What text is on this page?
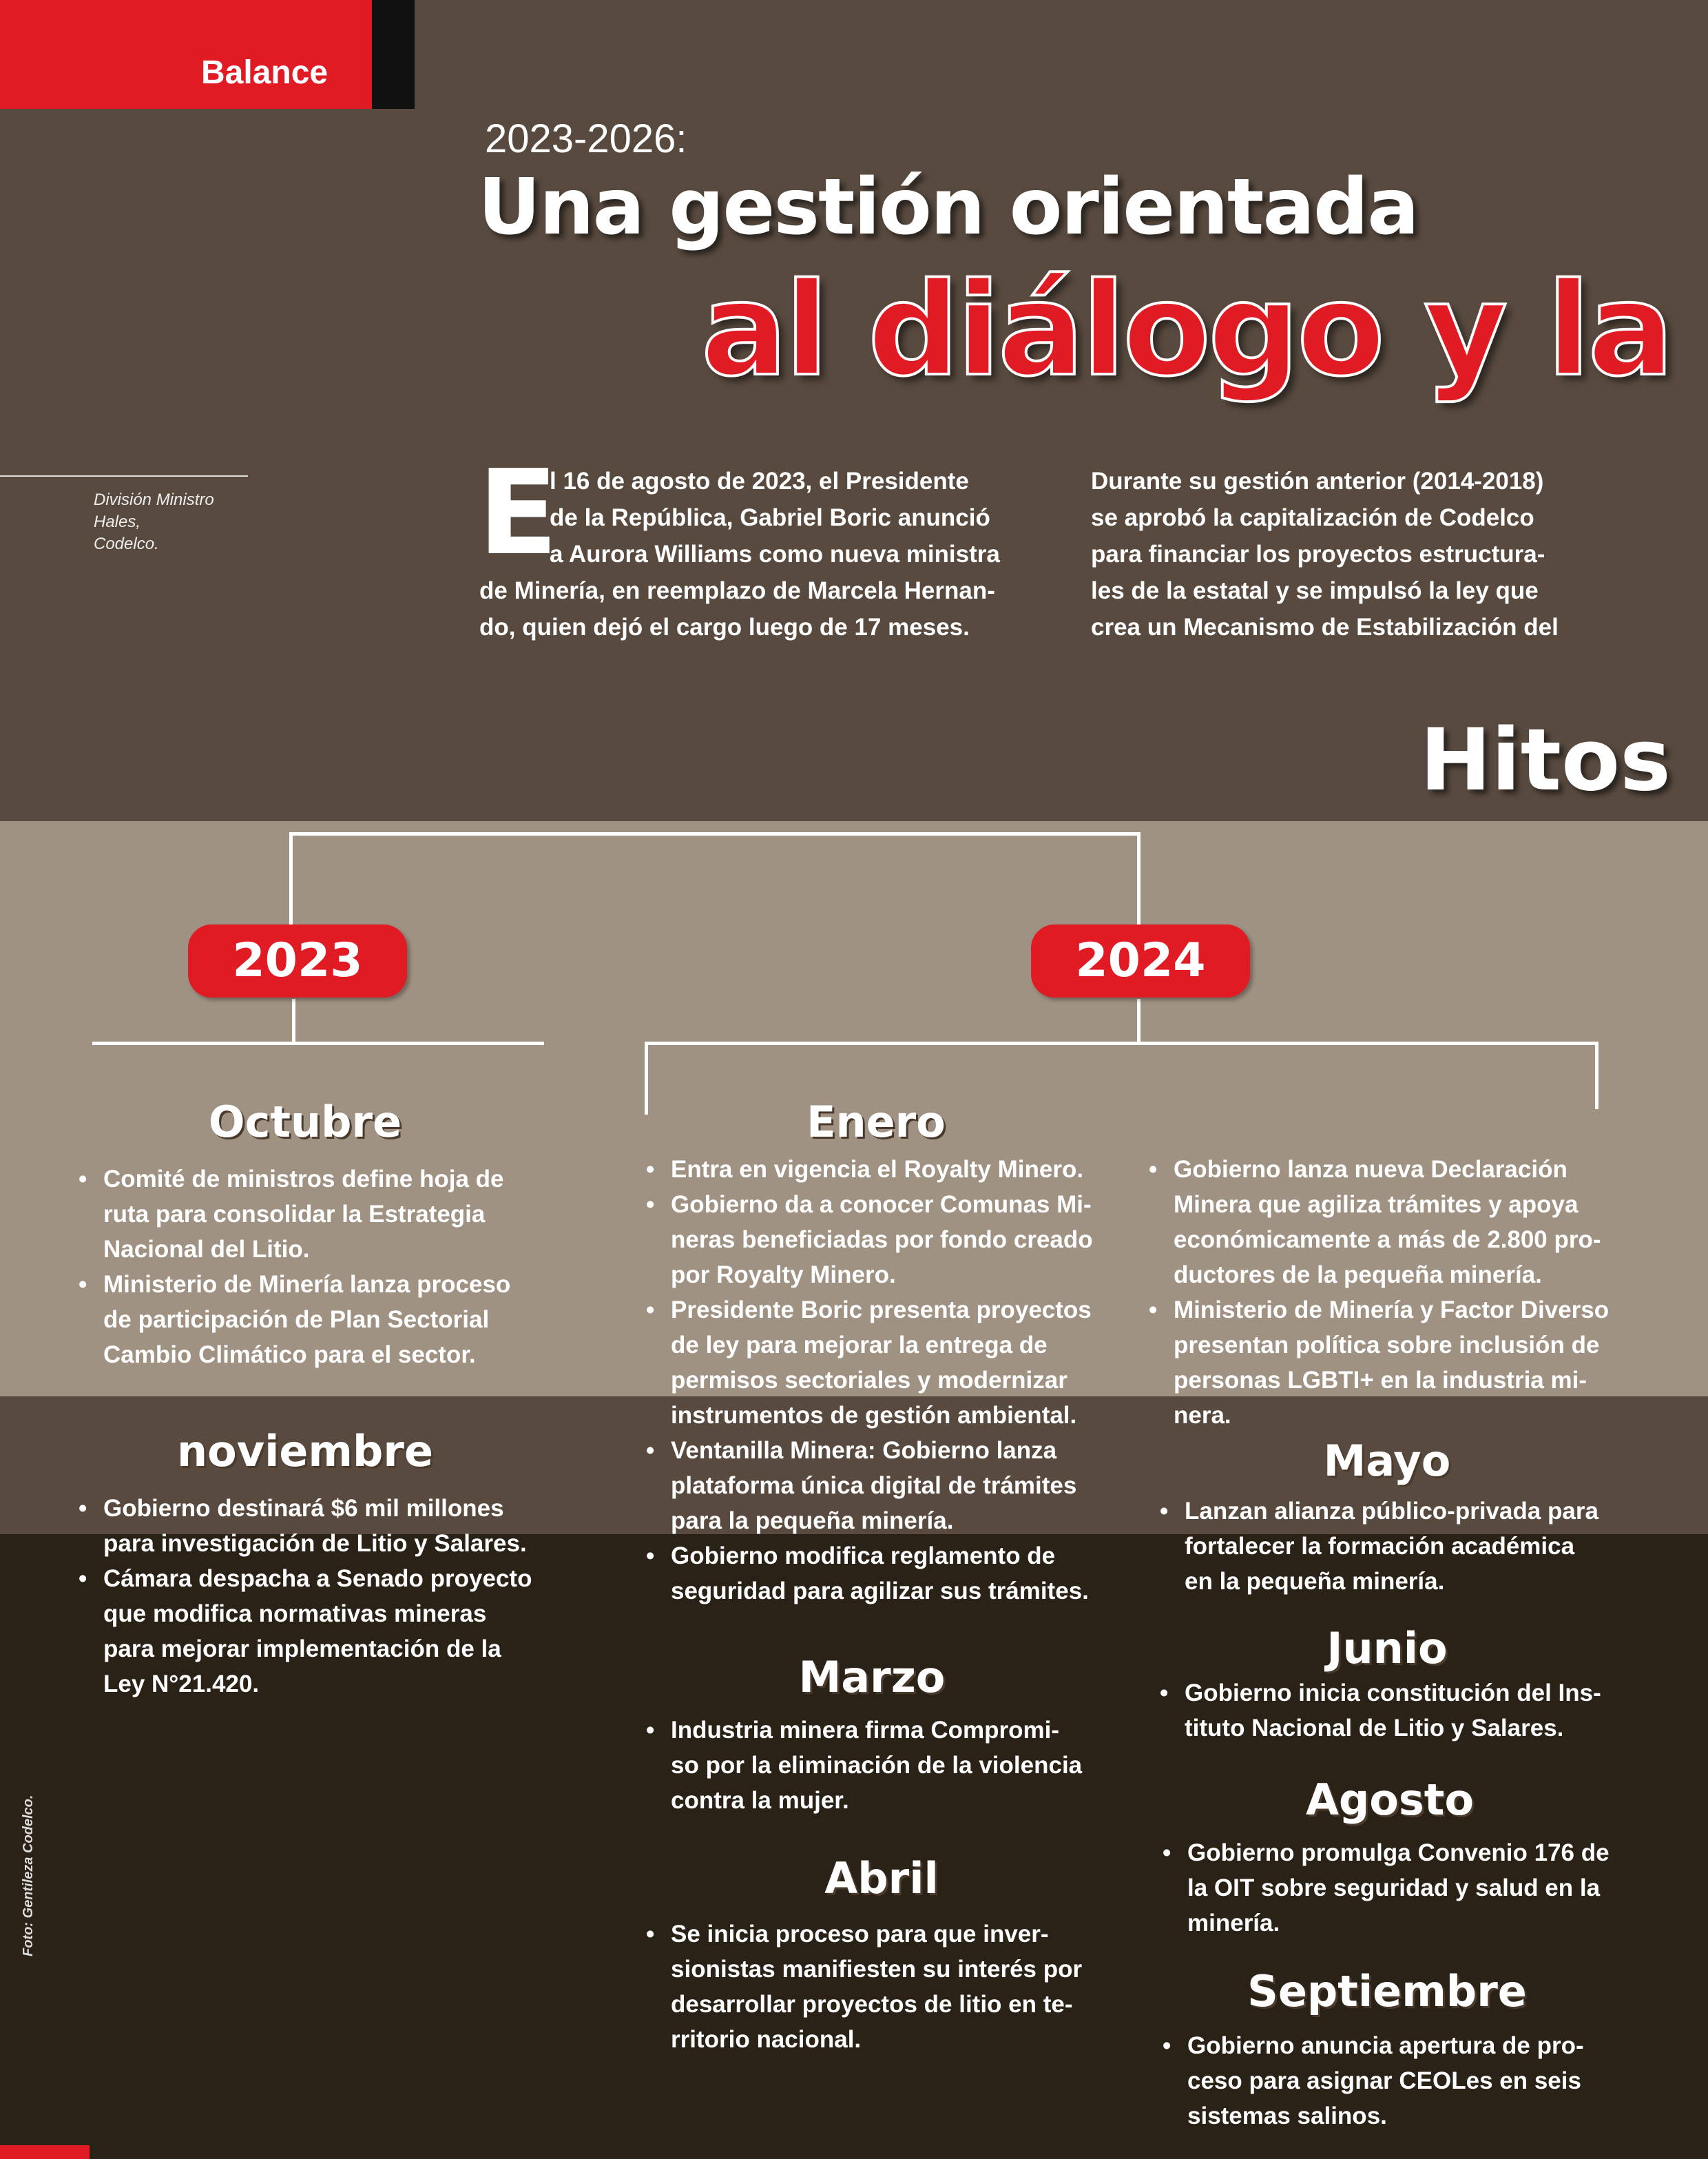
Balance
2023-2026:
Una gestión orientada
al diálogo y la
División Ministro Hales,
Codelco.	E
l 16 de agosto de 2023, el Presidente
de la República, Gabriel Boric anunció
a Aurora Williams como nueva ministra
de Minería, en reemplazo de Marcela Hernan-
do, quien dejó el cargo luego de 17 meses.
Durante su gestión anterior (2014-2018)
se aprobó la capitalización de Codelco
para financiar los proyectos estructura-
les de la estatal y se impulsó la ley que
crea un Mecanismo de Estabilización del
Hitos
2023	2024
Octubre
• Comité de ministros define hoja de
ruta para consolidar la Estrategia
Nacional del Litio.
• Ministerio de Minería lanza proceso
de participación de Plan Sectorial
Cambio Climático para el sector.
noviembre
• Gobierno destinará $6 mil millones
para investigación de Litio y Salares.
• Cámara despacha a Senado proyecto
que modifica normativas mineras
para mejorar implementación de la
Ley N°21.420.
Enero
• Entra en vigencia el Royalty Minero.
• Gobierno da a conocer Comunas Mi-
neras beneficiadas por fondo creado
por Royalty Minero.
• Presidente Boric presenta proyectos
de ley para mejorar la entrega de
permisos sectoriales y modernizar
instrumentos de gestión ambiental.
• Ventanilla Minera: Gobierno lanza
plataforma única digital de trámites
para la pequeña minería.
• Gobierno modifica reglamento de
seguridad para agilizar sus trámites.
• Gobierno lanza nueva Declaración
Minera que agiliza trámites y apoya
económicamente a más de 2.800 pro-
ductores de la pequeña minería.
• Ministerio de Minería y Factor Diverso
presentan política sobre inclusión de
personas LGBTI+ en la industria mi-
nera.
Marzo
• Industria minera firma Compromi-
so por la eliminación de la violencia
contra la mujer.
Abril
• Se inicia proceso para que inver-
sionistas manifiesten su interés por
desarrollar proyectos de litio en te-
rritorio nacional.
Mayo
• Lanzan alianza público-privada para
fortalecer la formación académica
en la pequeña minería.
Junio
• Gobierno inicia constitución del Ins-
tituto Nacional de Litio y Salares.
Agosto
• Gobierno promulga Convenio 176 de
la OIT sobre seguridad y salud en la
minería.
Septiembre
• Gobierno anuncia apertura de pro-
ceso para asignar CEOLes en seis
sistemas salinos.
Foto: Gentileza Codelco.
